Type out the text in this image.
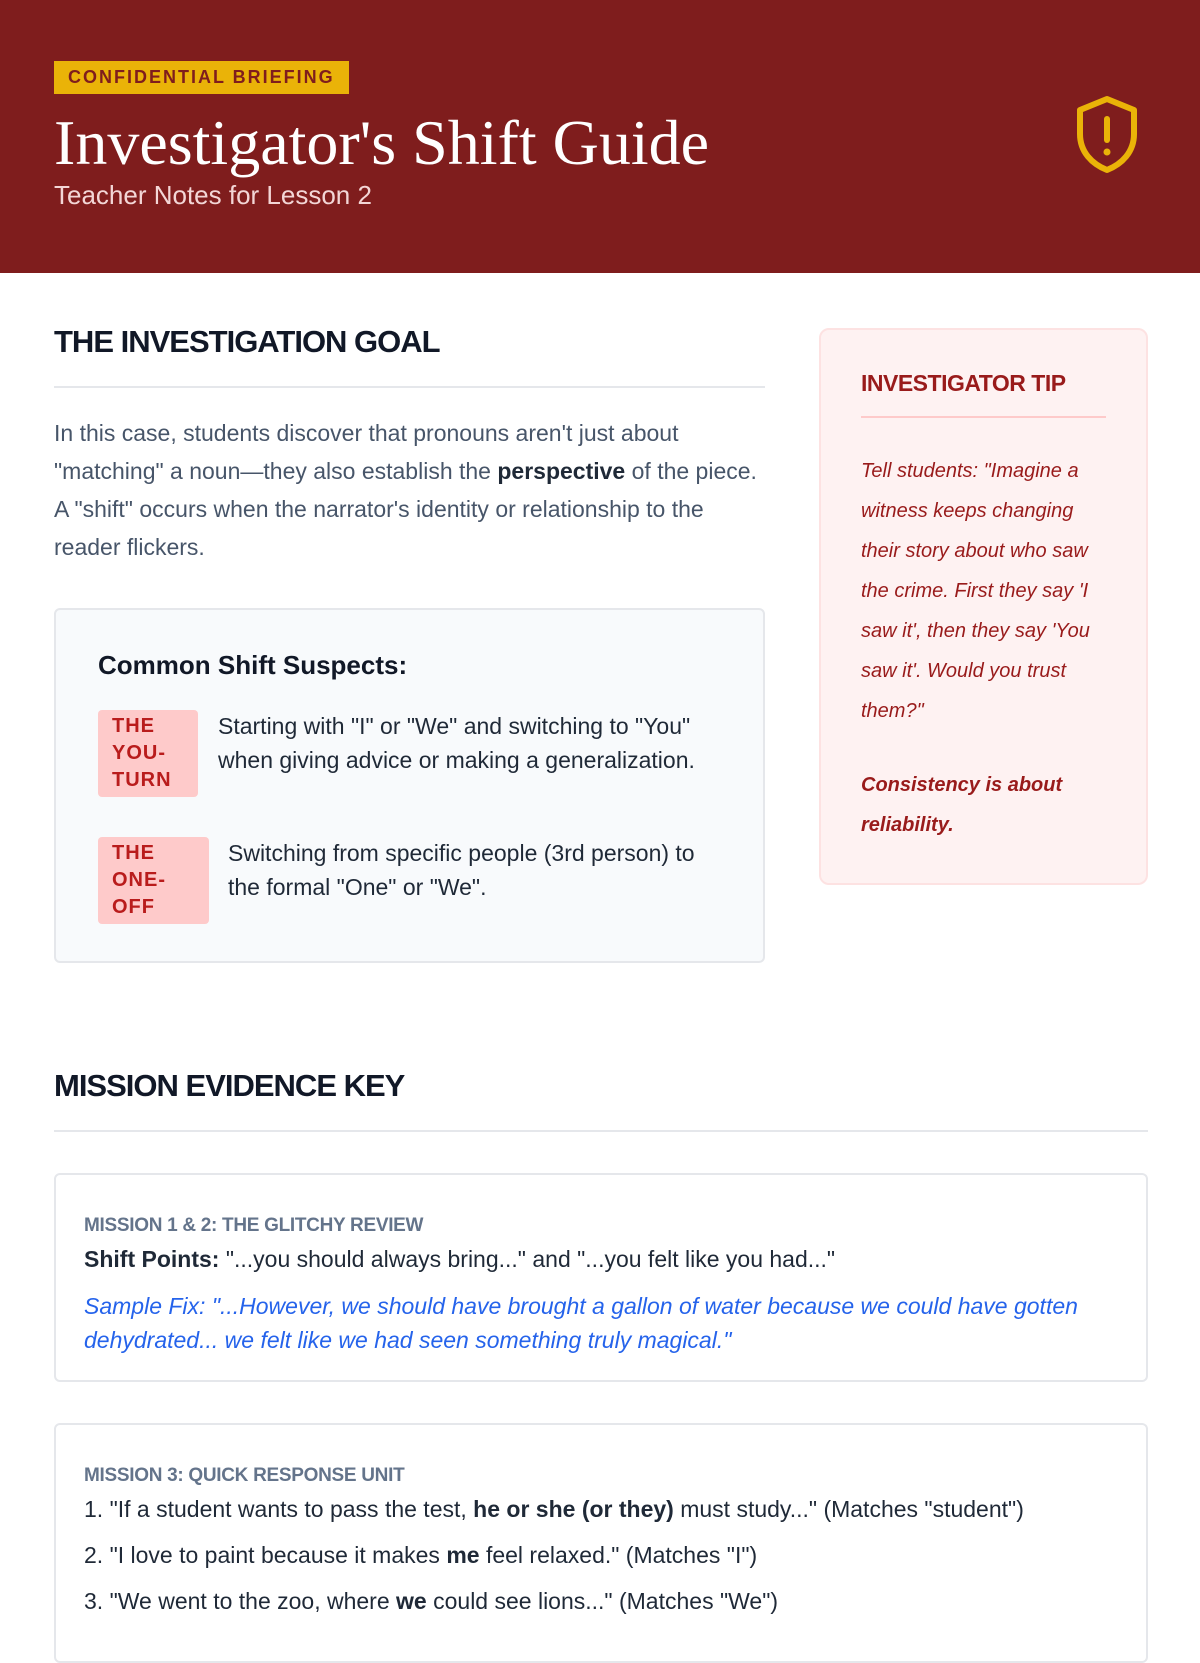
CONFIDENTIAL BRIEFING
Investigator's Shift Guide
Teacher Notes for Lesson 2
THE INVESTIGATION GOAL

In this case, students discover that pronouns aren't just about "matching" a noun—they also establish the perspective of the piece. A "shift" occurs when the narrator's identity or relationship to the reader flickers.

Common Shift Suspects:
THE
YOU-
TURN
Starting with "I" or "We" and switching to "You" when giving advice or making a generalization.
THE
ONE-
OFF
Switching from specific people (3rd person) to the formal "One" or "We".
INVESTIGATOR TIP
Tell students: "Imagine a witness keeps changing their story about who saw the crime. First they say 'I saw it', then they say 'You saw it'. Would you trust them?"
Consistency is about reliability.
MISSION EVIDENCE KEY
MISSION 1 & 2: THE GLITCHY REVIEW
Shift Points: "...you should always bring..." and "...you felt like you had..."
Sample Fix: "...However, we should have brought a gallon of water because we could have gotten dehydrated... we felt like we had seen something truly magical."
MISSION 3: QUICK RESPONSE UNIT
1. "If a student wants to pass the test, he or she (or they) must study..." (Matches "student")
2. "I love to paint because it makes me feel relaxed." (Matches "I")
3. "We went to the zoo, where we could see lions..." (Matches "We")
